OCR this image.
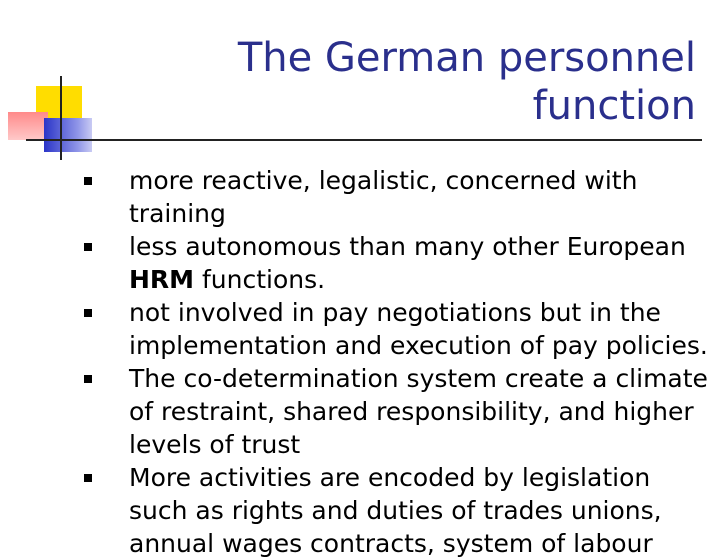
The German personnel
function
more reactive, legalistic, concerned with training
less autonomous than many other European HRM functions.
not involved in pay negotiations but in the implementation and execution of pay policies.
The co-determination system create a climate of restraint, shared responsibility, and higher levels of trust
More activities are encoded by legislation such as rights and duties of trades unions, annual wages contracts, system of labour
